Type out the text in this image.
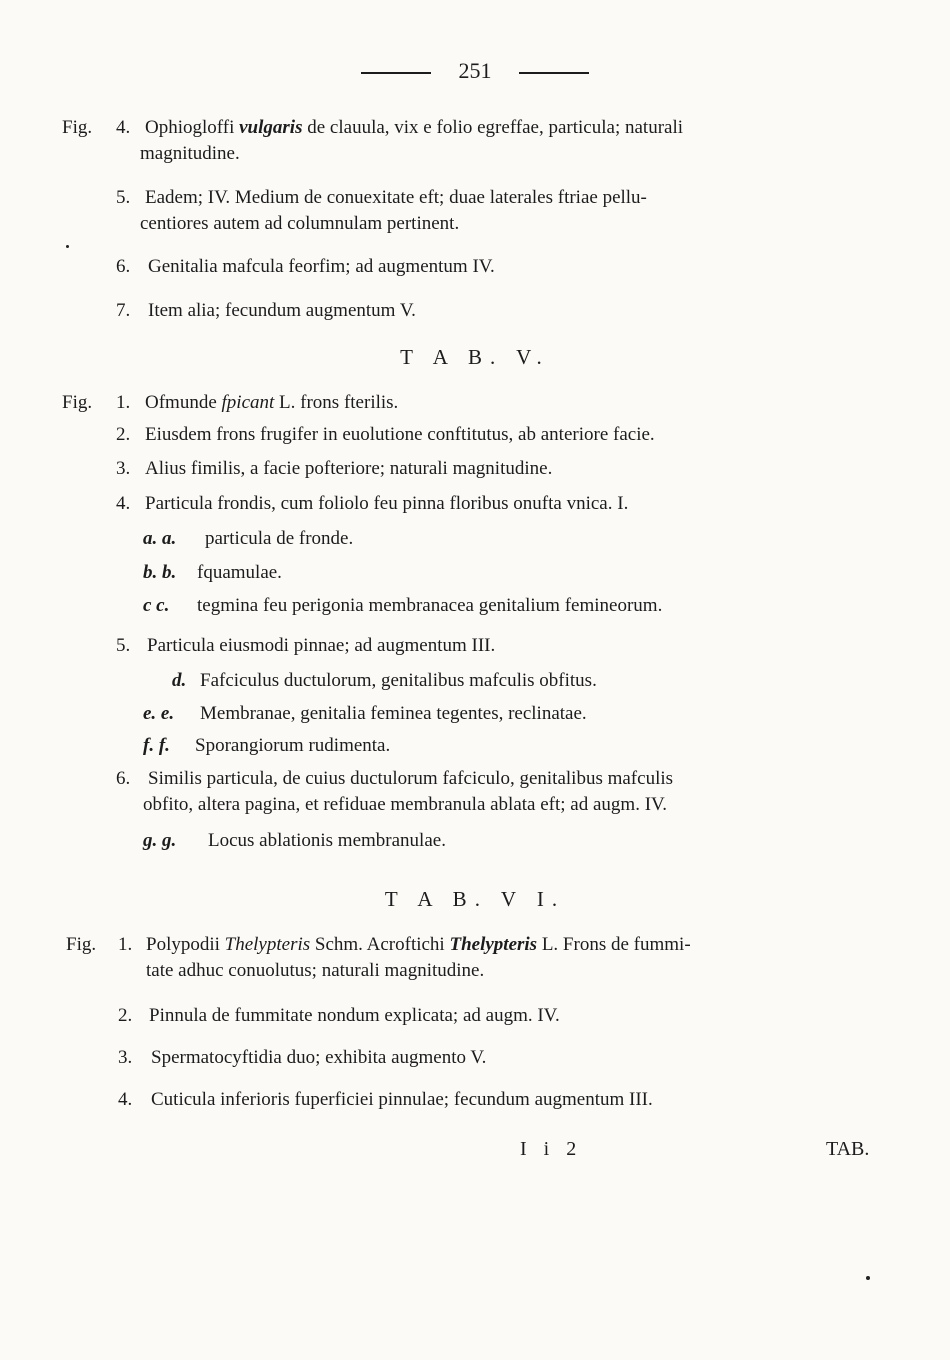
251
Fig. 4. Ophiogloffi vulgaris de clauula, vix e folio egreffae, particula; naturali
magnitudine.
5. Eadem; IV. Medium de conuexitate eft; duae laterales ftriae pellu-
centiores autem ad columnulam pertinent.
6. Genitalia mafcula feorfim; ad augmentum IV.
7. Item alia; fecundum augmentum V.
T A B. V.
Fig. 1. Ofmunde fpicant L. frons fterilis.
2. Eiusdem frons frugifer in euolutione conftitutus, ab anteriore facie.
3. Alius fimilis, a facie pofteriore; naturali magnitudine.
4. Particula frondis, cum foliolo feu pinna floribus onufta vnica. I.
a. a. particula de fronde.
b. b. fquamulae.
c c. tegmina feu perigonia membranacea genitalium femineorum.
5. Particula eiusmodi pinnae; ad augmentum III.
d. Fafciculus ductulorum, genitalibus mafculis obfitus.
e. e. Membranae, genitalia feminea tegentes, reclinatae.
f. f. Sporangiorum rudimenta.
6. Similis particula, de cuius ductulorum fafciculo, genitalibus mafculis
obfito, altera pagina, et refiduae membranula ablata eft; ad augm. IV.
g. g. Locus ablationis membranulae.
T A B. V I.
Fig. 1. Polypodii Thelypteris Schm. Acroftichi Thelypteris L. Frons de fummi-
tate adhuc conuolutus; naturali magnitudine.
2. Pinnula de fummitate nondum explicata; ad augm. IV.
3. Spermatocyftidia duo; exhibita augmento V.
4. Cuticula inferioris fuperficiei pinnulae; fecundum augmentum III.
I i 2	TAB.
